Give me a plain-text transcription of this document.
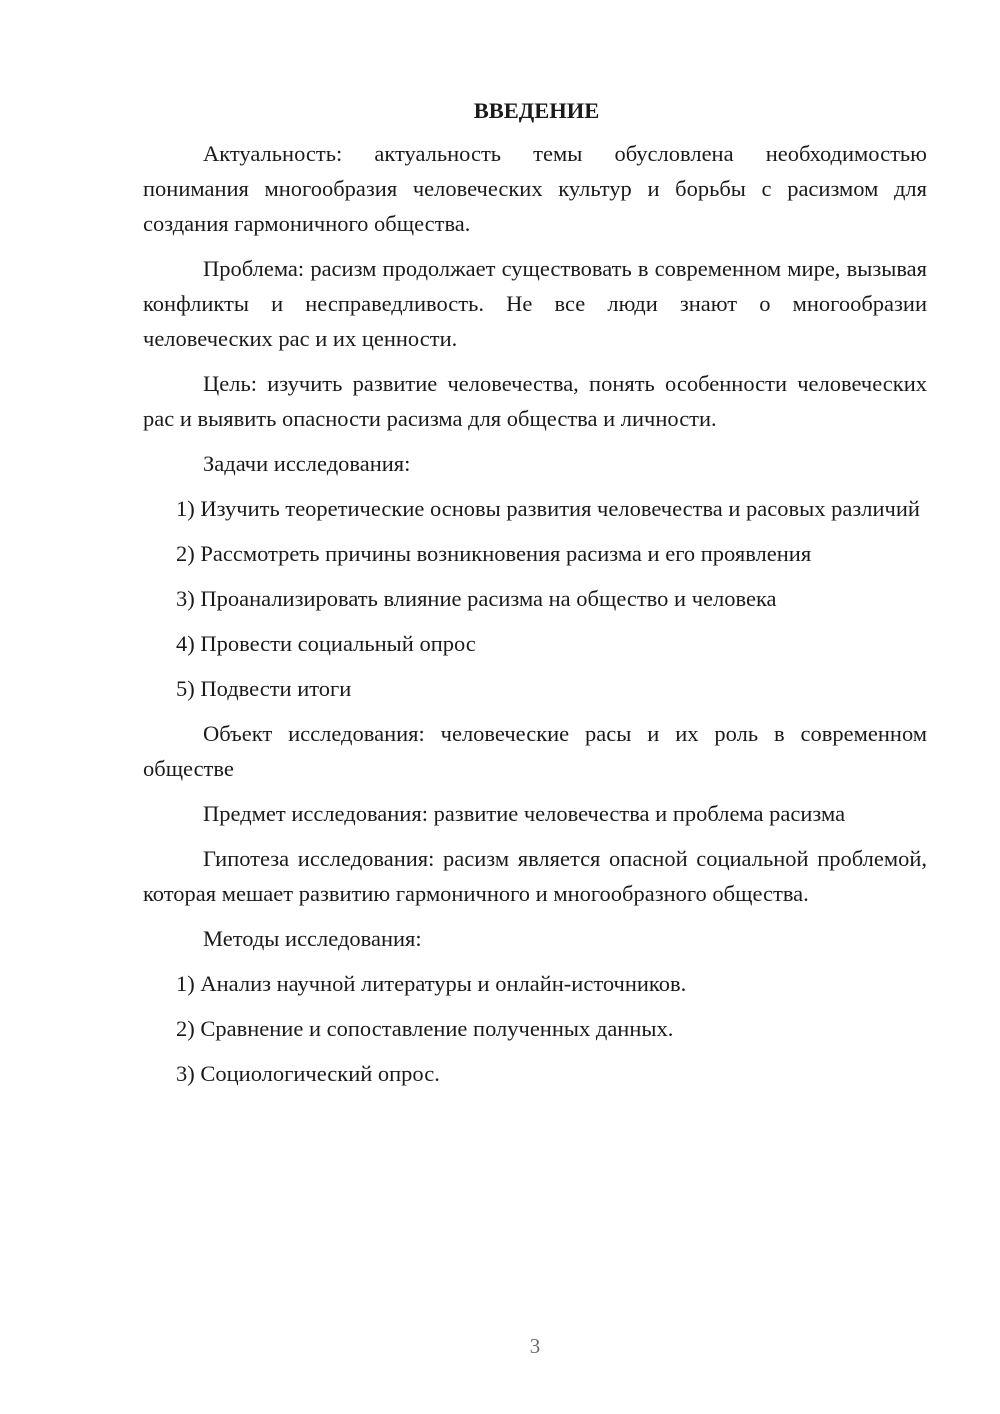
ВВЕДЕНИЕ
Актуальность: актуальность темы обусловлена необходимостью понимания многообразия человеческих культур и борьбы с расизмом для создания гармоничного общества.
Проблема: расизм продолжает существовать в современном мире, вызывая конфликты и несправедливость. Не все люди знают о многообразии человеческих рас и их ценности.
Цель: изучить развитие человечества, понять особенности человеческих рас и выявить опасности расизма для общества и личности.
Задачи исследования:
1) Изучить теоретические основы развития человечества и расовых различий
2) Рассмотреть причины возникновения расизма и его проявления
3) Проанализировать влияние расизма на общество и человека
4) Провести социальный опрос
5) Подвести итоги
Объект исследования: человеческие расы и их роль в современном обществе
Предмет исследования: развитие человечества и проблема расизма
Гипотеза исследования: расизм является опасной социальной проблемой, которая мешает развитию гармоничного и многообразного общества.
Методы исследования:
1) Анализ научной литературы и онлайн-источников.
2) Сравнение и сопоставление полученных данных.
3) Социологический опрос.
3
